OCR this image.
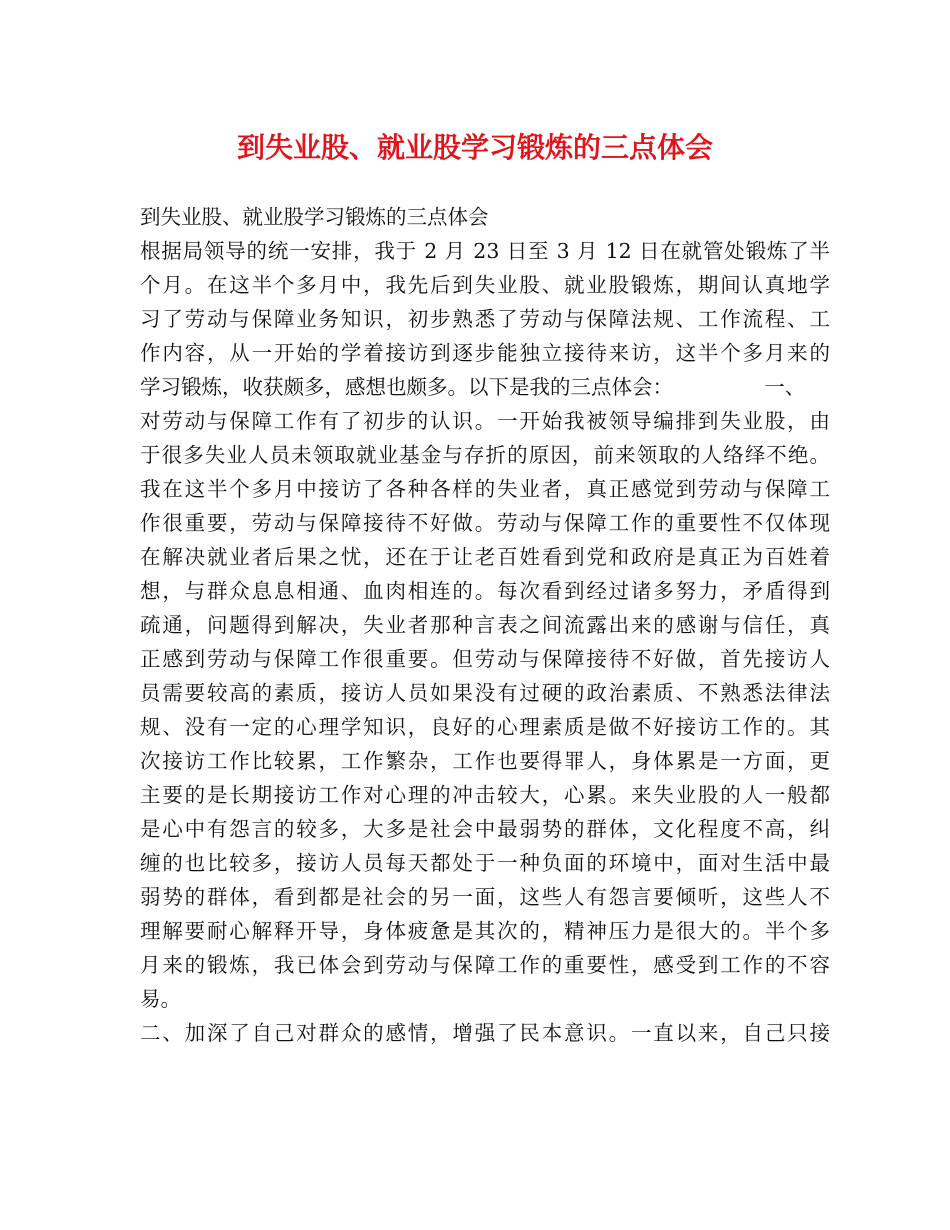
到失业股、就业股学习锻炼的三点体会
到失业股、就业股学习锻炼的三点体会
根据局领导的统一安排，我于 2 月 23 日至 3 月 12 日在就管处锻炼了半
个月。在这半个多月中，我先后到失业股、就业股锻炼，期间认真地学
习了劳动与保障业务知识，初步熟悉了劳动与保障法规、工作流程、工
作内容，从一开始的学着接访到逐步能独立接待来访，这半个多月来的
学习锻炼，收获颇多，感想也颇多。以下是我的三点体会：              一、
对劳动与保障工作有了初步的认识。一开始我被领导编排到失业股，由
于很多失业人员未领取就业基金与存折的原因，前来领取的人络绎不绝。
我在这半个多月中接访了各种各样的失业者，真正感觉到劳动与保障工
作很重要，劳动与保障接待不好做。劳动与保障工作的重要性不仅体现
在解决就业者后果之忧，还在于让老百姓看到党和政府是真正为百姓着
想，与群众息息相通、血肉相连的。每次看到经过诸多努力，矛盾得到
疏通，问题得到解决，失业者那种言表之间流露出来的感谢与信任，真
正感到劳动与保障工作很重要。但劳动与保障接待不好做，首先接访人
员需要较高的素质，接访人员如果没有过硬的政治素质、不熟悉法律法
规、没有一定的心理学知识，良好的心理素质是做不好接访工作的。其
次接访工作比较累，工作繁杂，工作也要得罪人，身体累是一方面，更
主要的是长期接访工作对心理的冲击较大，心累。来失业股的人一般都
是心中有怨言的较多，大多是社会中最弱势的群体，文化程度不高，纠
缠的也比较多，接访人员每天都处于一种负面的环境中，面对生活中最
弱势的群体，看到都是社会的另一面，这些人有怨言要倾听，这些人不
理解要耐心解释开导，身体疲惫是其次的，精神压力是很大的。半个多
月来的锻炼，我已体会到劳动与保障工作的重要性，感受到工作的不容
易。
二、加深了自己对群众的感情，增强了民本意识。一直以来，自己只接
